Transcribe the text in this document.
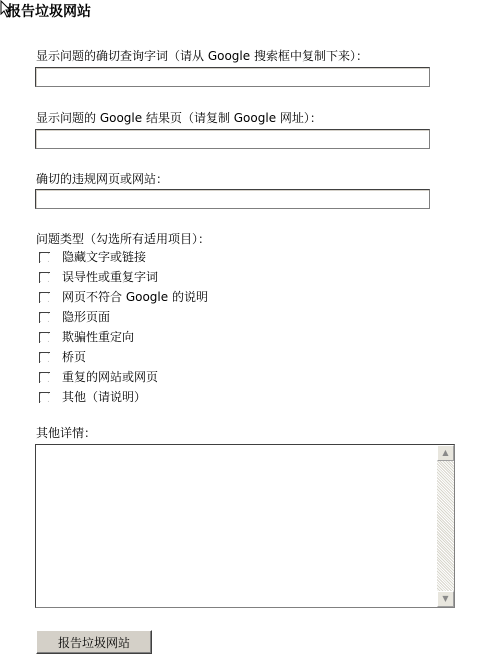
报告垃圾网站
显示问题的确切查询字词（请从 Google 搜索框中复制下来）：
显示问题的 Google 结果页（请复制 Google 网址）：
确切的违规网页或网站：
问题类型（勾选所有适用项目）：
隐藏文字或链接
误导性或重复字词
网页不符合 Google 的说明
隐形页面
欺骗性重定向
桥页
重复的网站或网页
其他（请说明）
其他详情：
▲
▼
报告垃圾网站
